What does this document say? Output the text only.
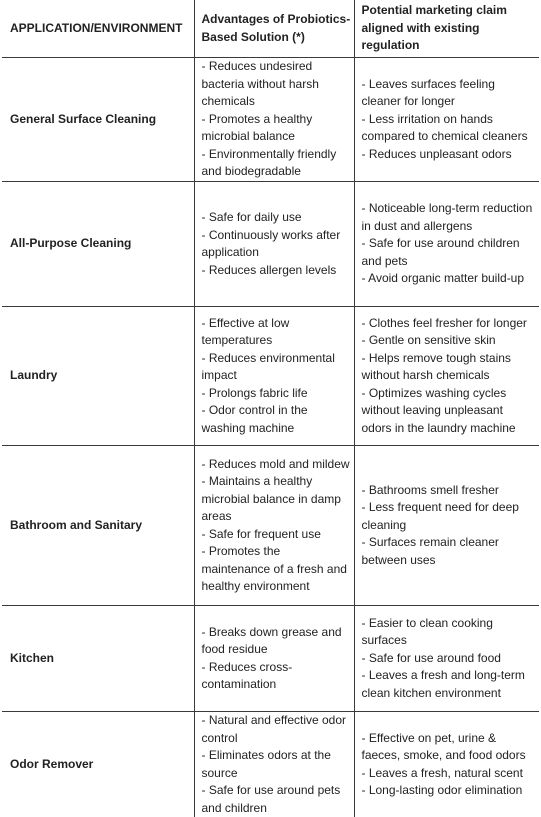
APPLICATION/ENVIRONMENT	Advantages of Probiotics-Based Solution (*)	Potential marketing claim aligned with existing regulation
General Surface Cleaning	- Reduces undesired bacteria without harsh chemicals
- Promotes a healthy microbial balance
- Environmentally friendly and biodegradable	- Leaves surfaces feeling cleaner for longer
- Less irritation on hands compared to chemical cleaners
- Reduces unpleasant odors

All-Purpose Cleaning	- Safe for daily use
- Continuously works after application
- Reduces allergen levels	- Noticeable long-term reduction in dust and allergens
- Safe for use around children and pets
- Avoid organic matter build-up

Laundry	- Effective at low temperatures
- Reduces environmental impact
- Prolongs fabric life
- Odor control in the washing machine	- Clothes feel fresher for longer
- Gentle on sensitive skin
- Helps remove tough stains without harsh chemicals
- Optimizes washing cycles without leaving unpleasant odors in the laundry machine

Bathroom and Sanitary	- Reduces mold and mildew
- Maintains a healthy microbial balance in damp areas
- Safe for frequent use
- Promotes the maintenance of a fresh and healthy environment	- Bathrooms smell fresher
- Less frequent need for deep cleaning
- Surfaces remain cleaner between uses

Kitchen	- Breaks down grease and food residue
- Reduces cross-contamination	- Easier to clean cooking surfaces
- Safe for use around food
- Leaves a fresh and long-term clean kitchen environment

Odor Remover	- Natural and effective odor control
- Eliminates odors at the source
- Safe for use around pets and children	- Effective on pet, urine & faeces, smoke, and food odors
- Leaves a fresh, natural scent
- Long-lasting odor elimination
